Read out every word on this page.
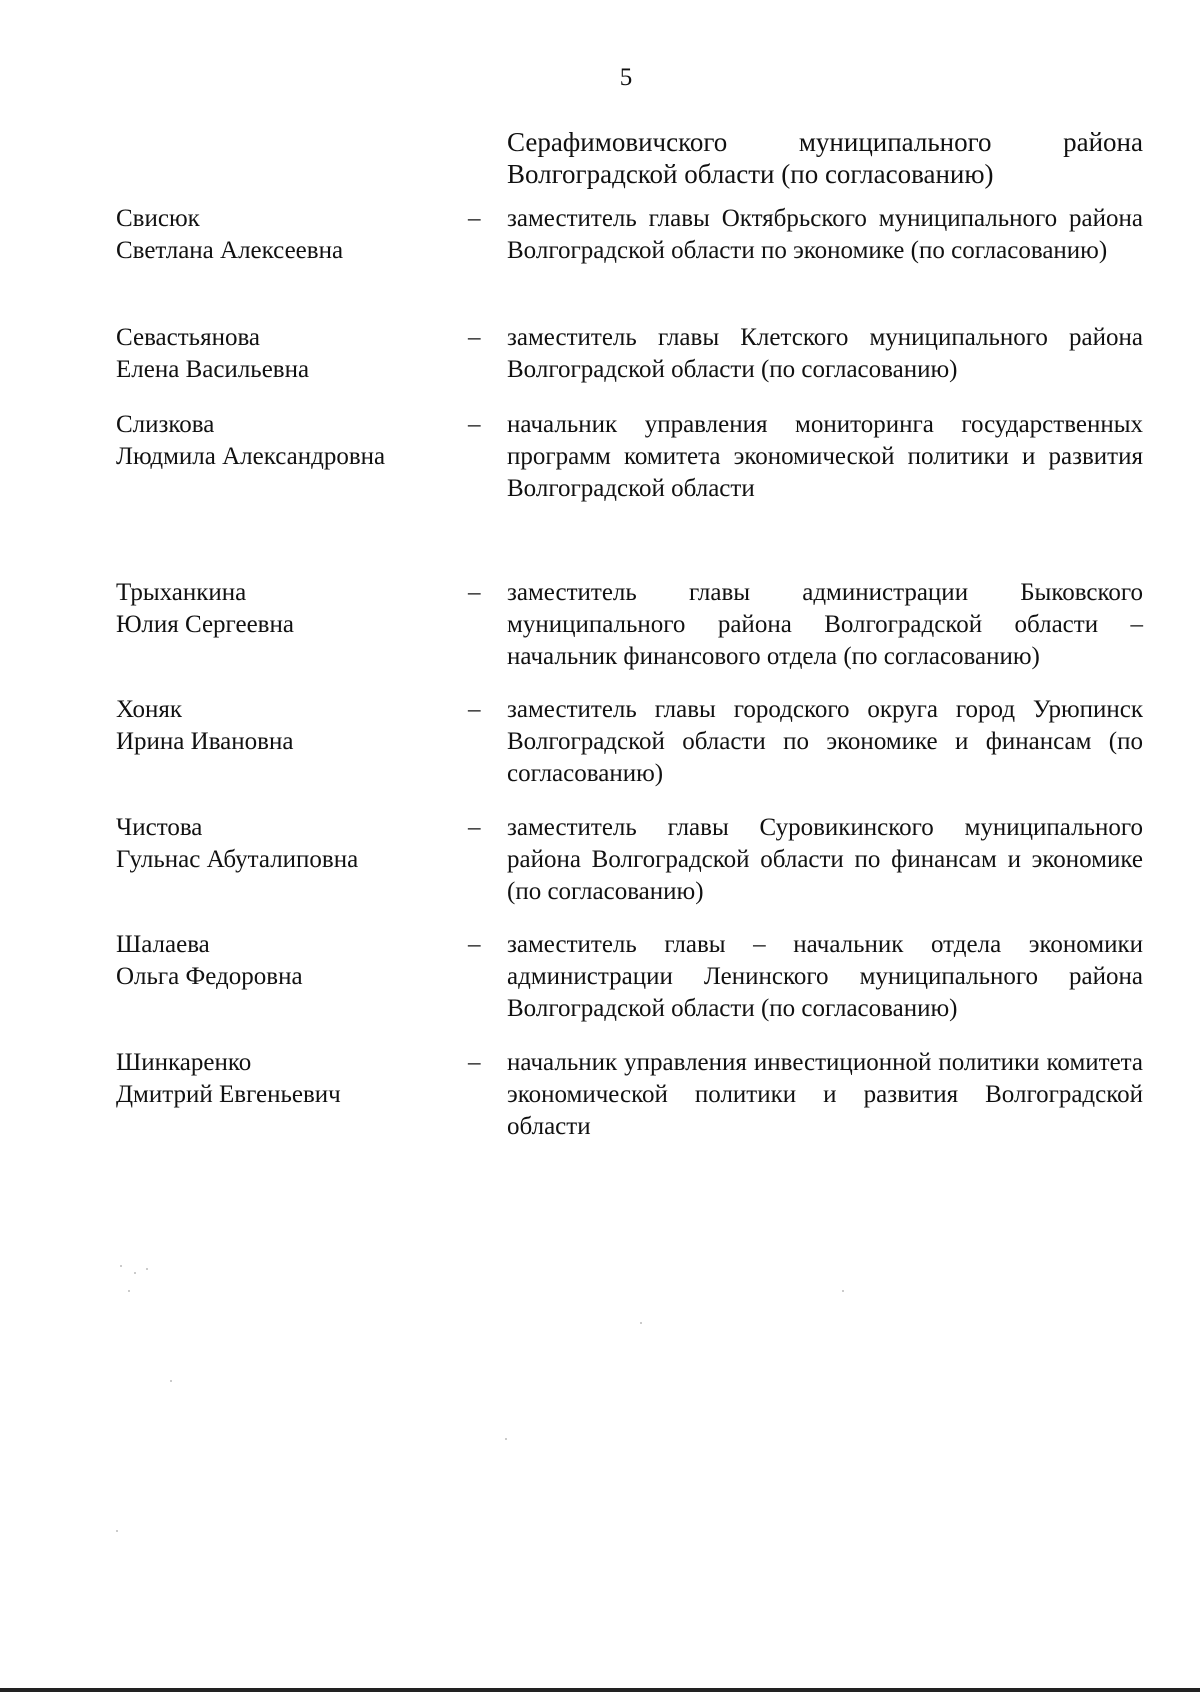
5
Серафимовичского муниципального района
Волгоградской области (по согласованию)
Свисюк
Светлана Алексеевна
–	заместитель главы Октябрьского муниципального района Волгоградской области по экономике (по согласованию)
Севастьянова
Елена Васильевна
–	заместитель главы Клетского муниципального района Волгоградской области (по согласованию)
Слизкова
Людмила Александровна
–	начальник управления мониторинга государственных программ комитета экономической политики и развития Волгоградской области
Трыханкина
Юлия Сергеевна
–	заместитель главы администрации Быковского муниципального района Волгоградской области – начальник финансового отдела (по согласованию)
Хоняк
Ирина Ивановна
–	заместитель главы городского округа город Урюпинск Волгоградской области по экономике и финансам (по согласованию)
Чистова
Гульнас Абуталиповна
–	заместитель главы Суровикинского муниципального района Волгоградской области по финансам и экономике (по согласованию)
Шалаева
Ольга Федоровна
–	заместитель главы – начальник отдела экономики администрации Ленинского муниципального района Волгоградской области (по согласованию)
Шинкаренко
Дмитрий Евгеньевич
–	начальник управления инвестиционной политики комитета экономической политики и развития Волгоградской области
